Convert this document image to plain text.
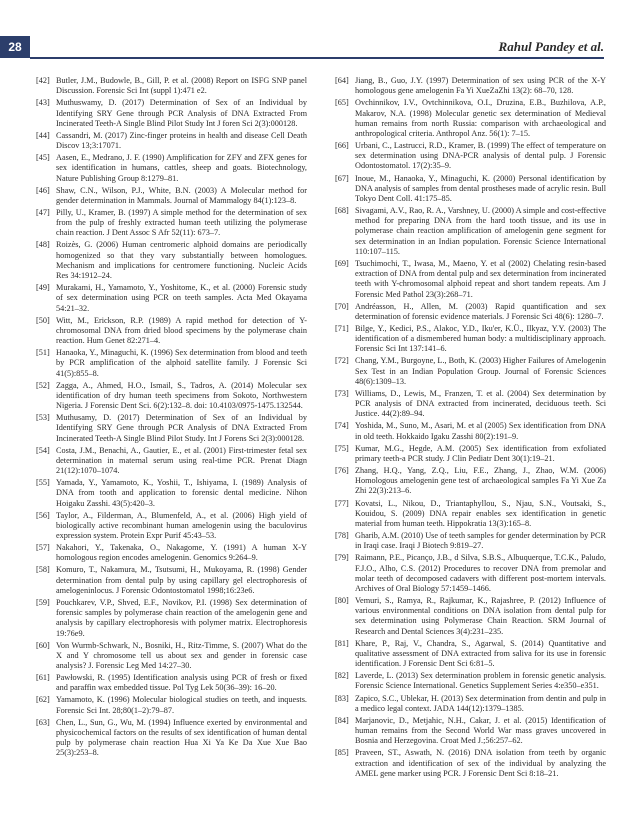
28	Rahul Pandey et al.
[42] Butler, J.M., Budowle, B., Gill, P. et al. (2008) Report on ISFG SNP panel Discussion. Forensic Sci Int (suppl 1):471 e2.
[43] Muthuswamy, D. (2017) Determination of Sex of an Individual by Identifying SRY Gene through PCR Analysis of DNA Extracted From Incinerated Teeth-A Single Blind Pilot Study Int J foren Sci 2(3):000128.
[44] Cassandri, M. (2017) Zinc-finger proteins in health and disease Cell Death Discov 13;3:17071.
[45] Aasen, E., Medrano, J. F. (1990) Amplification for ZFY and ZFX genes for sex identification in humans, cattles, sheep and goats. Biotechnology, Nature Publishing Group 8:1279–81.
[46] Shaw, C.N., Wilson, P.J., White, B.N. (2003) A Molecular method for gender determination in Mammals. Journal of Mammalogy 84(1):123–8.
[47] Pilly, U., Kramer, B. (1997) A simple method for the determination of sex from the pulp of freshly extracted human teeth utilizing the polymerase chain reaction. J Dent Assoc S Afr 52(11): 673–7.
[48] Roizès, G. (2006) Human centromeric alphoid domains are periodically homogenized so that they vary substantially between homologues. Mechanism and implications for centromere functioning. Nucleic Acids Res 34:1912–24.
[49] Murakami, H., Yamamoto, Y., Yoshitome, K., et al. (2000) Forensic study of sex determination using PCR on teeth samples. Acta Med Okayama 54:21–32.
[50] Witt, M., Erickson, R.P. (1989) A rapid method for detection of Y-chromosomal DNA from dried blood specimens by the polymerase chain reaction. Hum Genet 82:271–4.
[51] Hanaoka, Y., Minaguchi, K. (1996) Sex determination from blood and teeth by PCR amplification of the alphoid satellite family. J Forensic Sci 41(5):855–8.
[52] Zagga, A., Ahmed, H.O., Ismail, S., Tadros, A. (2014) Molecular sex identification of dry human teeth specimens from Sokoto, Northwestern Nigeria. J Forensic Dent Sci. 6(2):132–8. doi: 10.4103/0975-1475.132544.
[53] Muthusamy, D. (2017) Determination of Sex of an Individual by Identifying SRY Gene through PCR Analysis of DNA Extracted From Incinerated Teeth-A Single Blind Pilot Study. Int J Forens Sci 2(3):000128.
[54] Costa, J.M., Benachi, A., Gautier, E., et al. (2001) First-trimester fetal sex determination in maternal serum using real-time PCR. Prenat Diagn 21(12):1070–1074.
[55] Yamada, Y., Yamamoto, K., Yoshii, T., Ishiyama, I. (1989) Analysis of DNA from tooth and application to forensic dental medicine. Nihon Hoigaku Zasshi. 43(5):420–3.
[56] Taylor, A., Filderman, A., Blumenfeld, A., et al. (2006) High yield of biologically active recombinant human amelogenin using the baculovirus expression system. Protein Expr Purif 45:43–53.
[57] Nakahori, Y., Takenaka, O., Nakagome, Y. (1991) A human X-Y homologous region encodes amelogenin. Genomics 9:264–9.
[58] Komuro, T., Nakamura, M., Tsutsumi, H., Mukoyama, R. (1998) Gender determination from dental pulp by using capillary gel electrophoresis of amelogeninlocus. J Forensic Odontostomatol 1998;16:23e6.
[59] Pouchkarev, V.P., Shved, E.F., Novikov, P.I. (1998) Sex determination of forensic samples by polymerase chain reaction of the amelogenin gene and analysis by capillary electrophoresis with polymer matrix. Electrophoresis 19:76e9.
[60] Von Wurmb-Schwark, N., Bosniki, H., Ritz-Timme, S. (2007) What do the X and Y chromosome tell us about sex and gender in forensic case analysis? J. Forensic Leg Med 14:27–30.
[61] Pawłowski, R. (1995) Identification analysis using PCR of fresh or fixed and paraffin wax embedded tissue. Pol Tyg Lek 50(36–39): 16–20.
[62] Yamamoto, K. (1996) Molecular biological studies on teeth, and inquests. Forensic Sci Int. 28;80(1–2):79–87.
[63] Chen, L., Sun, G., Wu, M. (1994) Influence exerted by environmental and physicochemical factors on the results of sex identification of human dental pulp by polymerase chain reaction Hua Xi Ya Ke Da Xue Xue Bao 25(3):253–8.
[64] Jiang, B., Guo, J.Y. (1997) Determination of sex using PCR of the X-Y homologous gene amelogenin Fa Yi XueZaZhi 13(2): 68–70, 128.
[65] Ovchinnikov, I.V., Ovtchinnikova, O.I., Druzina, E.B., Buzhilova, A.P., Makarov, N.A. (1998) Molecular genetic sex determination of Medieval human remains from north Russia: comparison with archaeological and anthropological criteria. Anthropol Anz. 56(1): 7–15.
[66] Urbani, C., Lastrucci, R.D., Kramer, B. (1999) The effect of temperature on sex determination using DNA-PCR analysis of dental pulp. J Forensic Odontostomatol. 17(2):35–9.
[67] Inoue, M., Hanaoka, Y., Minaguchi, K. (2000) Personal identification by DNA analysis of samples from dental prostheses made of acrylic resin. Bull Tokyo Dent Coll. 41:175–85.
[68] Sivagami, A.V., Rao, R. A., Varshney, U. (2000) A simple and cost-effective method for preparing DNA from the hard tooth tissue, and its use in polymerase chain reaction amplification of amelogenin gene segment for sex determination in an Indian population. Forensic Science International 110:107–115.
[69] Tsuchimochi, T., Iwasa, M., Maeno, Y. et al (2002) Chelating resin-based extraction of DNA from dental pulp and sex determination from incinerated teeth with Y-chromosomal alphoid repeat and short tandem repeats. Am J Forensic Med Pathol 23(3):268–71.
[70] Andréasson, H., Allen, M. (2003) Rapid quantification and sex determination of forensic evidence materials. J Forensic Sci 48(6): 1280–7.
[71] Bilge, Y., Kedici, P.S., Alakoc, Y.D., Iku'er, K.Ü., Ilkyaz, Y.Y. (2003) The identification of a dismembered human body: a multidisciplinary approach. Forensic Sci Int 137:141–6.
[72] Chang, Y.M., Burgoyne, L., Both, K. (2003) Higher Failures of Amelogenin Sex Test in an Indian Population Group. Journal of Forensic Sciences 48(6):1309–13.
[73] Williams, D., Lewis, M., Franzen, T. et al. (2004) Sex determination by PCR analysis of DNA extracted from incinerated, deciduous teeth. Sci Justice. 44(2):89–94.
[74] Yoshida, M., Suno, M., Asari, M. et al (2005) Sex identification from DNA in old teeth. Hokkaido Igaku Zasshi 80(2):191–9.
[75] Kumar, M.G., Hegde, A.M. (2005) Sex identification from exfoliated primary teeth-a PCR study. J Clin Pediatr Dent 30(1):19–21.
[76] Zhang, H.Q., Yang, Z.Q., Liu, F.E., Zhang, J., Zhao, W.M. (2006) Homologous amelogenin gene test of archaeological samples Fa Yi Xue Za Zhi 22(3):213–6.
[77] Kovatsi, L., Nikou, D., Triantaphyllou, S., Njau, S.N., Voutsaki, S., Kouidou, S. (2009) DNA repair enables sex identification in genetic material from human teeth. Hippokratia 13(3):165–8.
[78] Gharib, A.M. (2010) Use of teeth samples for gender determination by PCR in Iraqi case. Iraqi J Biotech 9:819–27.
[79] Raimann, P.E., Picanço, J.B., d Silva, S.B.S., Albuquerque, T.C.K., Paludo, F.J.O., Alho, C.S. (2012) Procedures to recover DNA from premolar and molar teeth of decomposed cadavers with different post-mortem intervals. Archives of Oral Biology 57:1459–1466.
[80] Vemuri, S., Ramya, R., Rajkumar, K., Rajashree, P. (2012) Influence of various environmental conditions on DNA isolation from dental pulp for sex determination using Polymerase Chain Reaction. SRM Journal of Research and Dental Sciences 3(4):231–235.
[81] Khare, P., Raj, V., Chandra, S., Agarwal, S. (2014) Quantitative and qualitative assessment of DNA extracted from saliva for its use in forensic identification. J Forensic Dent Sci 6:81–5.
[82] Laverde, L. (2013) Sex determination problem in forensic genetic analysis. Forensic Science International. Genetics Supplement Series 4:e350–e351.
[83] Zapico, S.C., Ublekar, H. (2013) Sex determination from dentin and pulp in a medico legal context. JADA 144(12):1379–1385.
[84] Marjanovic, D., Metjahic, N.H., Cakar, J. et al. (2015) Identification of human remains from the Second World War mass graves uncovered in Bosnia and Herzegovina. Croat Med J.;56:257–62.
[85] Praveen, ST., Aswath, N. (2016) DNA isolation from teeth by organic extraction and identification of sex of the individual by analyzing the AMEL gene marker using PCR. J Forensic Dent Sci 8:18–21.
